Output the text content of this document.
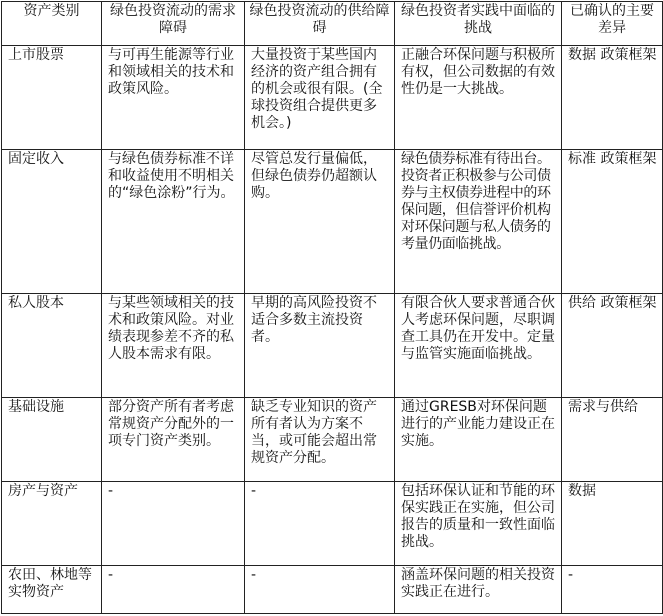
资产类别	绿色投资流动的需求障碍	绿色投资流动的供给障碍	绿色投资者实践中面临的挑战	已确认的主要差异
上市股票	与可再生能源等行业和领域相关的技术和政策风险。	大量投资于某些国内经济的资产组合拥有的机会或很有限。(全球投资组合提供更多机会。)	正融合环保问题与积极所有权，但公司数据的有效性仍是一大挑战。	数据 政策框架
固定收入	与绿色债券标准不详和收益使用不明相关的“绿色涂粉”行为。	尽管总发行量偏低，但绿色债券仍超额认购。	绿色债券标准有待出台。投资者正积极参与公司债券与主权债券进程中的环保问题，但信誉评价机构对环保问题与私人债务的考量仍面临挑战。	标准 政策框架
私人股本	与某些领域相关的技术和政策风险。对业绩表现参差不齐的私人股本需求有限。	早期的高风险投资不适合多数主流投资者。	有限合伙人要求普通合伙人考虑环保问题，尽职调查工具仍在开发中。定量与监管实施面临挑战。	供给 政策框架
基础设施	部分资产所有者考虑常规资产分配外的一项专门资产类别。	缺乏专业知识的资产所有者认为方案不当，或可能会超出常规资产分配。	通过GRESB对环保问题进行的产业能力建设正在实施。	需求与供给
房产与资产	-	-	包括环保认证和节能的环保实践正在实施，但公司报告的质量和一致性面临挑战。	数据
农田、林地等实物资产	-	-	涵盖环保问题的相关投资实践正在进行。	-
